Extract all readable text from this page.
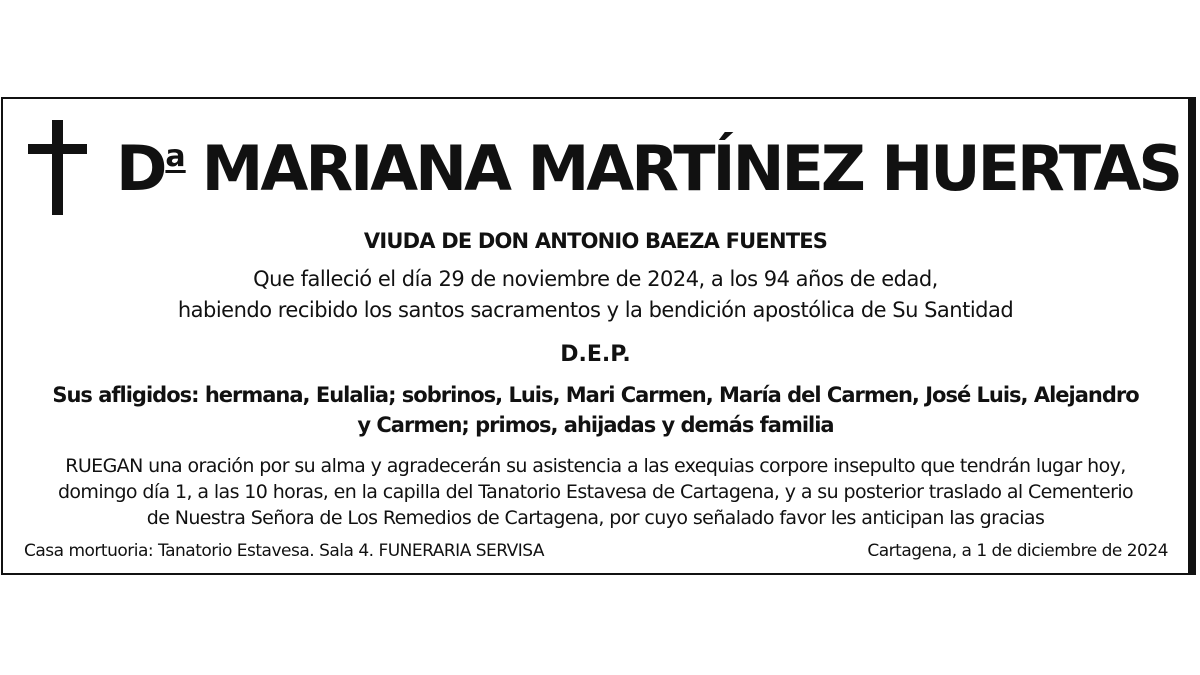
$D^a$ MARIANA MARTÍNEZ HUERTAS
VIUDA DE DON ANTONIO BAEZA FUENTES
Que falleció el día 29 de noviembre de 2024, a los 94 años de edad,
habiendo recibido los santos sacramentos y la bendición apostólica de Su Santidad
D.E.P.
Sus afligidos: hermana, Eulalia; sobrinos, Luis, Mari Carmen, María del Carmen, José Luis, Alejandro
y Carmen; primos, ahijadas y demás familia
RUEGAN una oración por su alma y agradecerán su asistencia a las exequias corpore insepulto que tendrán lugar hoy,
domingo día 1, a las 10 horas, en la capilla del Tanatorio Estavesa de Cartagena, y a su posterior traslado al Cementerio
de Nuestra Señora de Los Remedios de Cartagena, por cuyo señalado favor les anticipan las gracias
Casa mortuoria: Tanatorio Estavesa. Sala 4. FUNERARIA SERVISA	Cartagena, a 1 de diciembre de 2024
